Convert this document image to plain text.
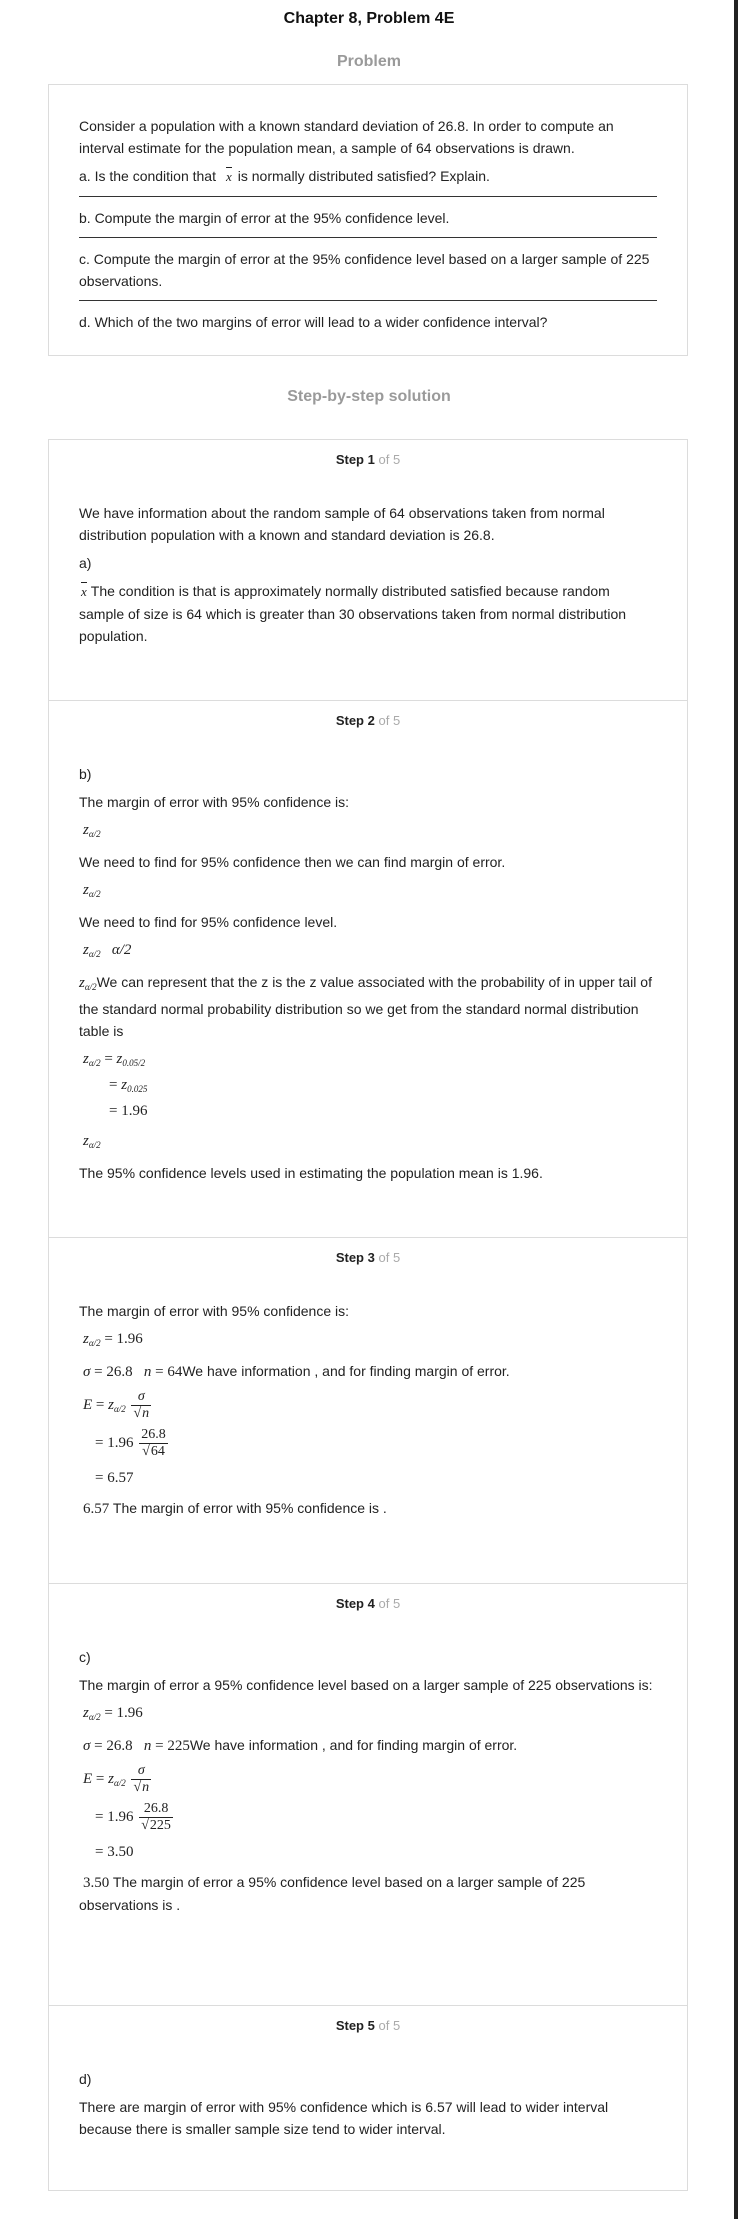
Chapter 8, Problem 4E
Problem

Consider a population with a known standard deviation of 26.8. In order to compute an interval estimate for the population mean, a sample of 64 observations is drawn.

a. Is the condition that x is normally distributed satisfied? Explain.

b. Compute the margin of error at the 95% confidence level.

c. Compute the margin of error at the 95% confidence level based on a larger sample of 225 observations.

d. Which of the two margins of error will lead to a wider confidence interval?

Step-by-step solution
Step 1 of 5

We have information about the random sample of 64 observations taken from normal distribution population with a known and standard deviation is 26.8.

a)

x The condition is that is approximately normally distributed satisfied because random sample of size is 64 which is greater than 30 observations taken from normal distribution population.

Step 2 of 5

b)

The margin of error with 95% confidence is:

$z_{\alpha/2}$

We need to find for 95% confidence then we can find margin of error.

$z_{\alpha/2}$

We need to find for 95% confidence level.

$z_{\alpha/2}$ α/2

$z_{\alpha/2}We$ can represent that the z is the z value associated with the probability of in upper tail of the standard normal probability distribution so we get from the standard normal distribution table is

$z_{\alpha/2} = z_{0.05/2}$
= $z_{0.025}$
= 1.96
$z_{\alpha/2}$

The 95% confidence levels used in estimating the population mean is 1.96.

Step 3 of 5

The margin of error with 95% confidence is:

$z_{\alpha/2} = 1.96$

σ = 26.8 n = 64We have information , and for finding margin of error.

$E = z_{\alpha/2} \frac{\sigma}{√n}$
= $1.96 \frac{26.8}{√64}$
= 6.57

6.57 The margin of error with 95% confidence is .

Step 4 of 5

c)

The margin of error a 95% confidence level based on a larger sample of 225 observations is:

$z_{\alpha/2} = 1.96$

σ = 26.8 n = 225We have information , and for finding margin of error.

$E = z_{\alpha/2} \frac{\sigma}{√n}$
= $1.96 \frac{26.8}{√225}$
= 3.50

3.50 The margin of error a 95% confidence level based on a larger sample of 225 observations is .

Step 5 of 5

d)

There are margin of error with 95% confidence which is 6.57 will lead to wider interval because there is smaller sample size tend to wider interval.
